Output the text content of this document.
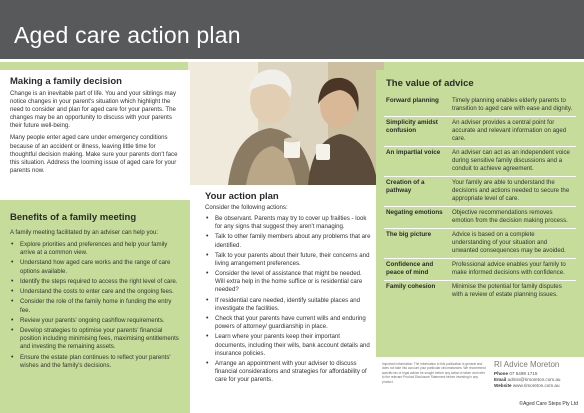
Aged care action plan
Making a family decision

Change is an inevitable part of life. You and your siblings may notice changes in your parent's situation which highlight the need to consider and plan for aged care for your parents. The changes may be an opportunity to discuss with your parents their future well-being.

Many people enter aged care under emergency conditions because of an accident or illness, leaving little time for thoughtful decision making. Make sure your parents don't face this situation. Address the looming issue of aged care for your parents now.

Benefits of a family meeting

A family meeting facilitated by an adviser can help you:

• Explore priorities and preferences and help your family arrive at a common view.
• Understand how aged care works and the range of care options available.
• Identify the steps required to access the right level of care.
• Understand the costs to enter care and the ongoing fees.
• Consider the role of the family home in funding the entry fee.
• Review your parents' ongoing cashflow requirements.
• Develop strategies to optimise your parents' financial position including minimising fees, maximising entitlements and investing the remaining assets.
• Ensure the estate plan continues to reflect your parents' wishes and the family's decisions.
Your action plan

Consider the following actions:

• Be observant. Parents may try to cover up frailties - look for any signs that suggest they aren't managing.
• Talk to other family members about any problems that are identified.
• Talk to your parents about their future, their concerns and living arrangement preferences.
• Consider the level of assistance that might be needed. Will extra help in the home suffice or is residential care needed?
• If residential care needed, identify suitable places and investigate the facilities.
• Check that your parents have current wills and enduring powers of attorney/ guardianship in place.
• Learn where your parents keep their important documents, including their wills, bank account details and insurance policies.
• Arrange an appointment with your adviser to discuss financial considerations and strategies for affordability of care for your parents.
The value of advice
Forward planning	Timely planning enables elderly parents to transition to aged care with ease and dignity.
Simplicity amidst confusion	An adviser provides a central point for accurate and relevant information on aged care.
An impartial voice	An adviser can act as an independent voice during sensitive family discussions and a conduit to achieve agreement.
Creation of a pathway	Your family are able to understand the decisions and actions needed to secure the appropriate level of care.
Negating emotions	Objective recommendations removes emotion from the decision making process.
The big picture	Advice is based on a complete understanding of your situation and unwanted consequences may be avoided.
Confidence and peace of mind	Professional advice enables your family to make informed decisions with confidence.
Family cohesion	Minimise the potential for family disputes with a review of estate planning issues.

Important information: The information in this publication is general and does not take into account your particular circumstances. We recommend specific tax or legal advice be sought before any action is taken and refer to the relevant Product Disclosure Statement before investing in any product.

RI Advice Moreton
Phone 07 5499 1715
Email admin@rimoreton.com.au
Website www.rimoreton.com.au
©Aged Care Steps Pty Ltd
